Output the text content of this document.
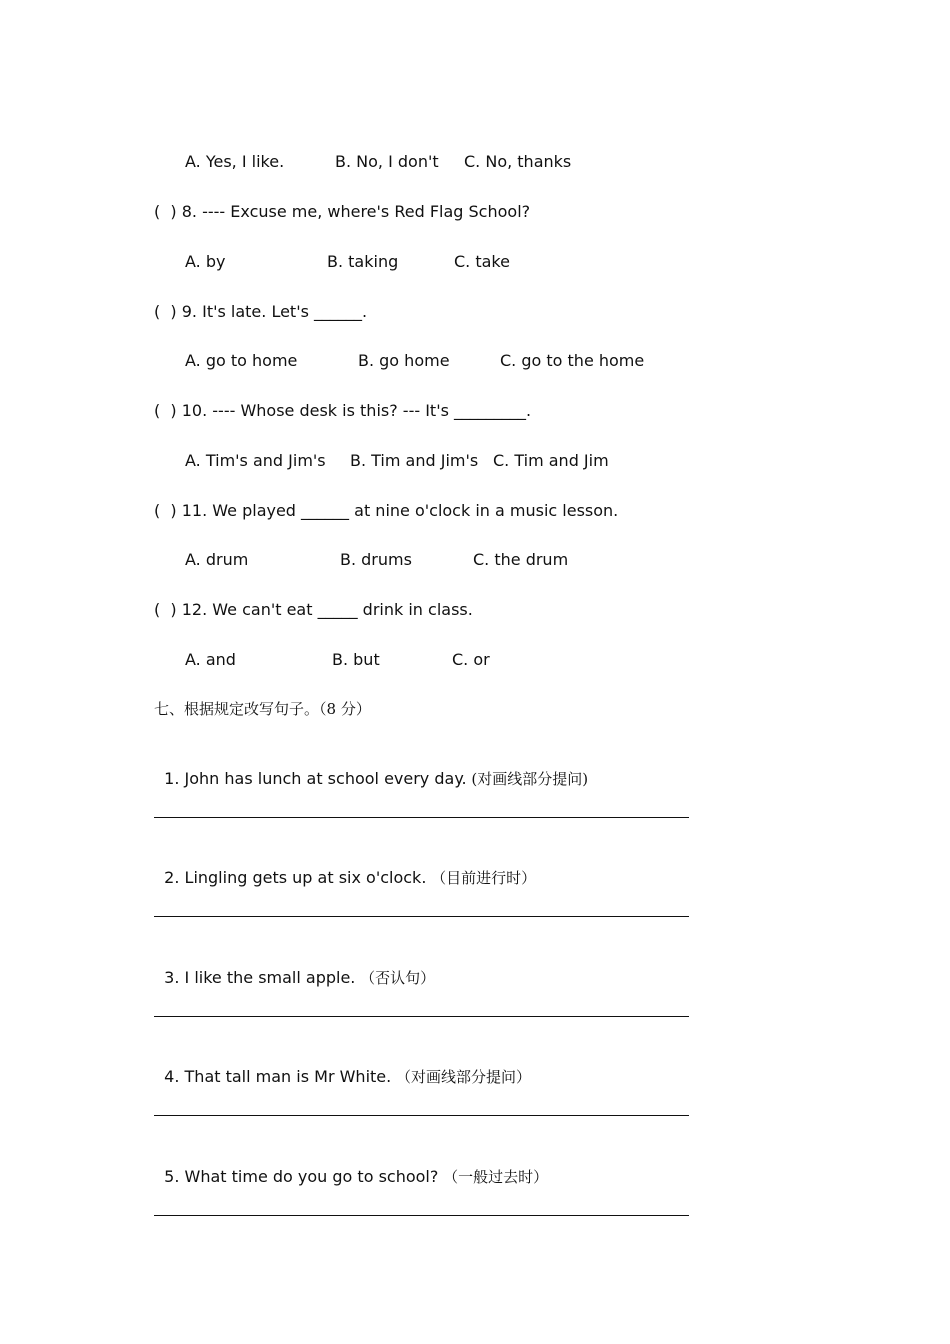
A. Yes, I like.	B. No, I don't C. No, thanks
(  ) 8. ---- Excuse me, where's Red Flag School?
A. by	B. taking	C. take
(  ) 9. It's late. Let's ______.
A. go to home	B. go home	C. go to the home
(  ) 10. ---- Whose desk is this? --- It's _________.
A. Tim's and Jim's B. Tim and Jim's C. Tim and Jim
(  ) 11. We played ______ at nine o'clock in a music lesson.
A. drum	B. drums	C. the drum
(  ) 12. We can't eat _____ drink in class.
A. and	B. but	C. or
七、根据规定改写句子。（8 分）

1. John has lunch at school every day. (对画线部分提问)

2. Lingling gets up at six o'clock. （目前进行时）

3. I like the small apple. （否认句）

4. That tall man is Mr White. （对画线部分提问）

5. What time do you go to school? （一般过去时）
